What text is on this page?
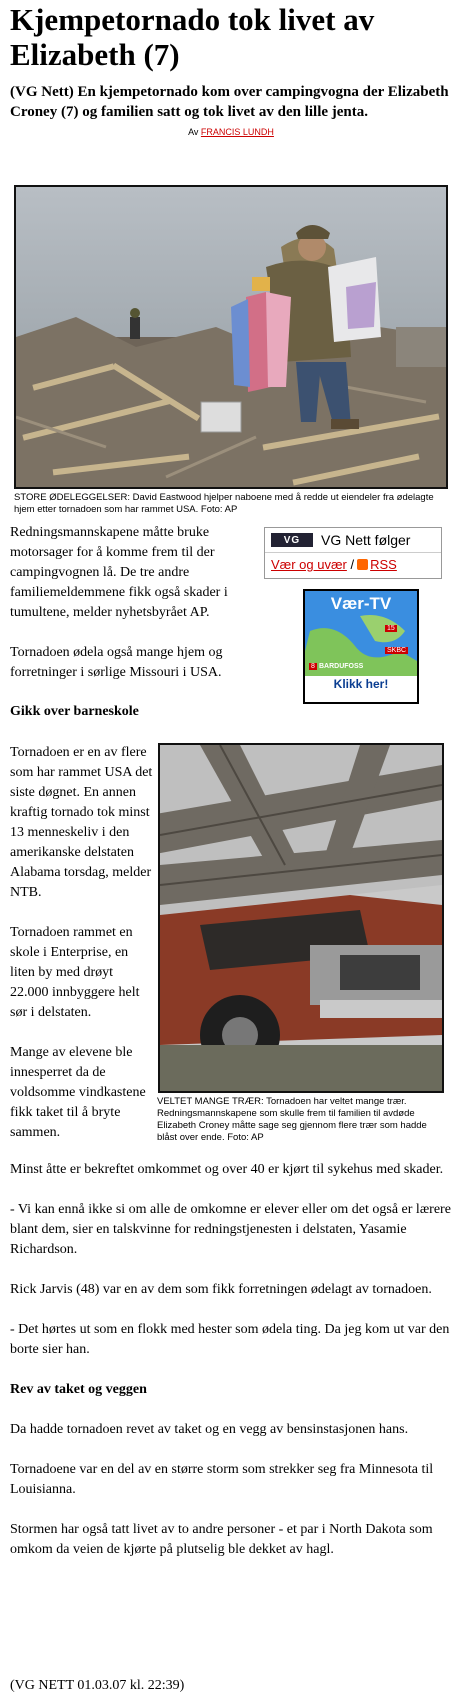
Kjempetornado tok livet av Elizabeth (7)

(VG Nett) En kjempetornado kom over campingvogna der Elizabeth Croney (7) og familien satt og tok livet av den lille jenta.

Av FRANCIS LUNDH
STORE ØDELEGGELSER: David Eastwood hjelper naboene med å redde ut eiendeler fra ødelagte hjem etter tornadoen som har rammet USA. Foto: AP

Redningsmannskapene måtte bruke motorsager for å komme frem til der campingvognen lå. De tre andre familiemeldemmene fikk også skader i tumultene, melder nyhetsbyrået AP.

Tornadoen ødela også mange hjem og forretninger i sørlige Missouri i USA.

Gikk over barneskole

VG	VG Nett følger
Vær og uvær / RSS
Vær-TV
15
8
SKBC
BARDUFOSS
Klikk her!

Tornadoen er en av flere som har rammet USA det siste døgnet. En annen kraftig tornado tok minst 13 menneskeliv i den amerikanske delstaten Alabama torsdag, melder NTB.

Tornadoen rammet en skole i Enterprise, en liten by med drøyt 22.000 innbyggere helt sør i delstaten.

Mange av elevene ble innesperret da de voldsomme vindkastene fikk taket til å bryte sammen.

VELTET MANGE TRÆR: Tornadoen har veltet mange trær. Redningsmannskapene som skulle frem til familien til avdøde Elizabeth Croney måtte sage seg gjennom flere trær som hadde blåst over ende. Foto: AP

Minst åtte er bekreftet omkommet og over 40 er kjørt til sykehus med skader.

- Vi kan ennå ikke si om alle de omkomne er elever eller om det også er lærere blant dem, sier en talskvinne for redningstjenesten i delstaten, Yasamie Richardson.

Rick Jarvis (48) var en av dem som fikk forretningen ødelagt av tornadoen.

- Det hørtes ut som en flokk med hester som ødela ting. Da jeg kom ut var den borte sier han.

Rev av taket og veggen

Da hadde tornadoen revet av taket og en vegg av bensinstasjonen hans.

Tornadoene var en del av en større storm som strekker seg fra Minnesota til Louisianna.

Stormen har også tatt livet av to andre personer - et par i North Dakota som omkom da veien de kjørte på plutselig ble dekket av hagl.

(VG NETT 01.03.07 kl. 22:39)
